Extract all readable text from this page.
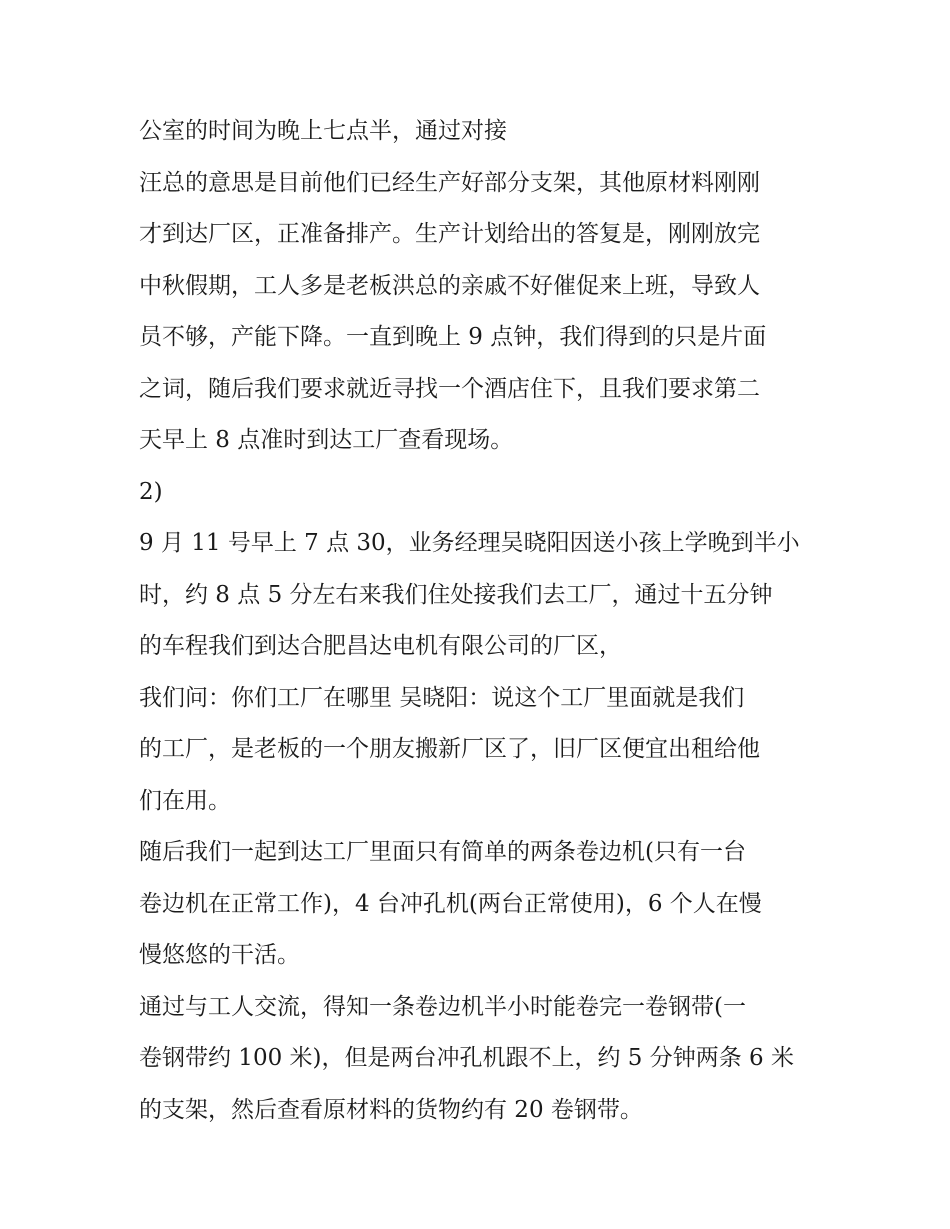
公室的时间为晚上七点半，通过对接
汪总的意思是目前他们已经生产好部分支架，其他原材料刚刚
才到达厂区，正准备排产。生产计划给出的答复是，刚刚放完
中秋假期，工人多是老板洪总的亲戚不好催促来上班，导致人
员不够，产能下降。一直到晚上 9 点钟，我们得到的只是片面
之词，随后我们要求就近寻找一个酒店住下，且我们要求第二
天早上 8 点准时到达工厂查看现场。
2)
9 月 11 号早上 7 点 30，业务经理吴晓阳因送小孩上学晚到半小
时，约 8 点 5 分左右来我们住处接我们去工厂，通过十五分钟
的车程我们到达合肥昌达电机有限公司的厂区，
我们问：你们工厂在哪里 吴晓阳：说这个工厂里面就是我们
的工厂，是老板的一个朋友搬新厂区了，旧厂区便宜出租给他
们在用。
随后我们一起到达工厂里面只有简单的两条卷边机(只有一台
卷边机在正常工作)，4 台冲孔机(两台正常使用)，6 个人在慢
慢悠悠的干活。
通过与工人交流，得知一条卷边机半小时能卷完一卷钢带(一
卷钢带约 100 米)，但是两台冲孔机跟不上，约 5 分钟两条 6 米
的支架，然后查看原材料的货物约有 20 卷钢带。
